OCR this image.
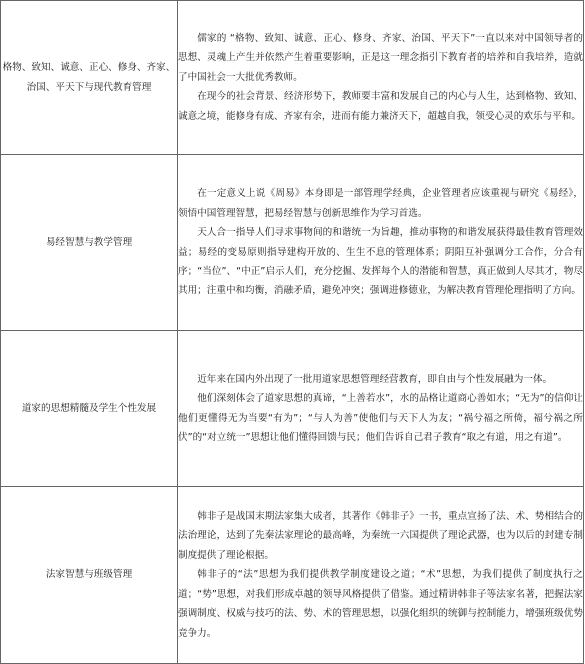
格物、致知、诚意、正心、修身、齐家、治国、平天下与现代教育管理	儒家的 “格物、致知、诚意、正心、修身、齐家、治国、平天下”一直以来对中国领导者的思想、灵魂上产生并依然产生着重要影响，正是这一理念指引下教育者的培养和自我培养，造就了中国社会一大批优秀教师。

在现今的社会背景、经济形势下，教师要丰富和发展自己的内心与人生，达到格物、致知、诚意之境，能修身有成、齐家有余，进而有能力兼济天下，超越自我，领受心灵的欢乐与平和。

易经智慧与教学管理	在一定意义上说《周易》本身即是一部管理学经典，企业管理者应该重视与研究《易经》，领悟中国管理智慧，把易经智慧与创新思维作为学习首选。

天人合一指导人们寻求事物间的和谐统一为旨趣，推动事物的和谐发展获得最佳教育管理效益；易经的变易原则指导建构开放的、生生不息的管理体系；阴阳互补强调分工合作，分合有序；“当位”、“中正”启示人们，充分挖掘、发挥每个人的潜能和智慧，真正做到人尽其才，物尽其用；注重中和均衡，消融矛盾，避免冲突；强调进修德业，为解决教育管理伦理指明了方向。

道家的思想精髓及学生个性发展	近年来在国内外出现了一批用道家思想管理经营教育，即自由与个性发展融为一体。

他们深刻体会了道家思想的真谛，“上善若水”，水的品格让道商心善如水；“无为”的信仰让他们更懂得无为当要“有为”；“与人为善”使他们与天下人为友；“祸兮福之所倚，福兮祸之所伏”的“对立统一”思想让他们懂得回馈与民；他们告诉自己君子教育“取之有道，用之有道”。

法家智慧与班级管理	韩非子是战国末期法家集大成者，其著作《韩非子》一书，重点宣扬了法、术、势相结合的法治理论，达到了先秦法家理论的最高峰，为秦统一六国提供了理论武器，也为以后的封建专制制度提供了理论根据。

韩非子的“法”思想为我们提供教学制度建设之道；“术”思想，为我们提供了制度执行之道；“势”思想，对我们形成卓越的领导风格提供了借鉴。通过精讲韩非子等法家名著，把握法家强调制度、权威与技巧的法、势、术的管理思想，以强化组织的统御与控制能力，增强班级优势竞争力。
